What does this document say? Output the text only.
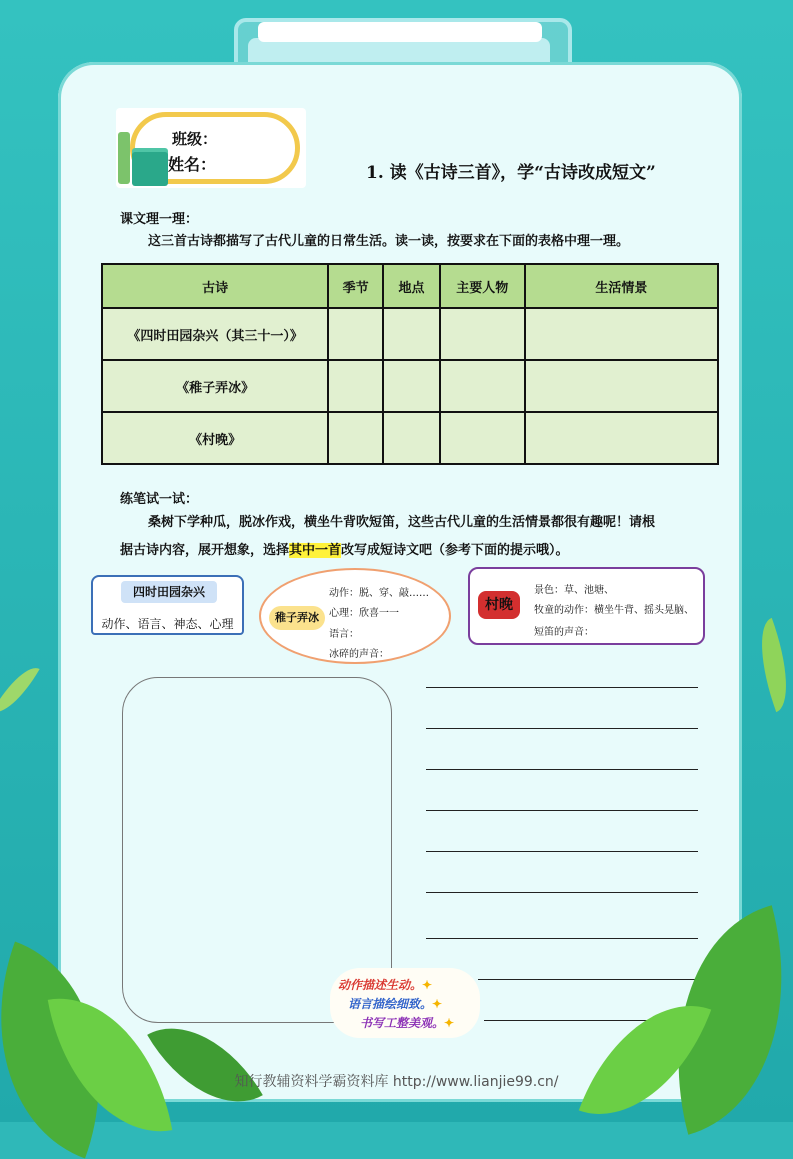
班级：
姓名：	1. 读《古诗三首》，学“古诗改成短文”
课文理一理：
这三首古诗都描写了古代儿童的日常生活。读一读，按要求在下面的表格中理一理。
古诗	季节	地点	主要人物	生活情景
《四时田园杂兴（其三十一）》				
《稚子弄冰》				
《村晚》				
练笔试一试：
桑树下学种瓜，脱冰作戏，横坐牛背吹短笛，这些古代儿童的生活情景都很有趣呢！请根
据古诗内容，展开想象，选择其中一首改写成短诗文吧（参考下面的提示哦）。
四时田园杂兴
动作、语言、神态、心理	稚子弄冰
动作：脱、穿、敲……
心理：欣喜一一
语言：
冰碎的声音：
村晚
景色：草、池塘、
牧童的动作：横坐牛背、摇头晃脑、
短笛的声音：
动作描述生动。✦
语言描绘细致。✦
书写工整美观。✦
知行教辅资料学霸资料库 http://www.lianjie99.cn/
